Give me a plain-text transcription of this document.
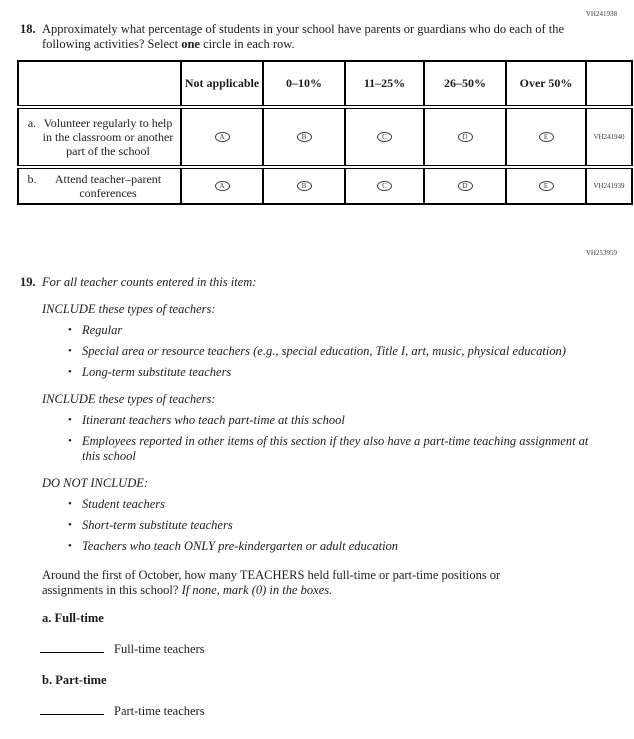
VH241938
VH253959
18. Approximately what percentage of students in your school have parents or guardians who do each of the following activities? Select one circle in each row.
	Not applicable	0–10%	11–25%	26–50%	Over 50%	

a. Volunteer regularly to help in the classroom or another part of the school	A	B	C	D	E	VH241940

b. Attend teacher–parent conferences	A	B	C	D	E	VH241939
19. For all teacher counts entered in this item:
INCLUDE these types of teachers:
• Regular
• Special area or resource teachers (e.g., special education, Title I, art, music, physical education)
• Long-term substitute teachers
INCLUDE these types of teachers:
• Itinerant teachers who teach part-time at this school
• Employees reported in other items of this section if they also have a part-time teaching assignment at this school
DO NOT INCLUDE:
• Student teachers
• Short-term substitute teachers
• Teachers who teach ONLY pre-kindergarten or adult education
Around the first of October, how many TEACHERS held full-time or part-time positions or assignments in this school? If none, mark (0) in the boxes.
a. Full-time
Full-time teachers
b. Part-time
Part-time teachers
